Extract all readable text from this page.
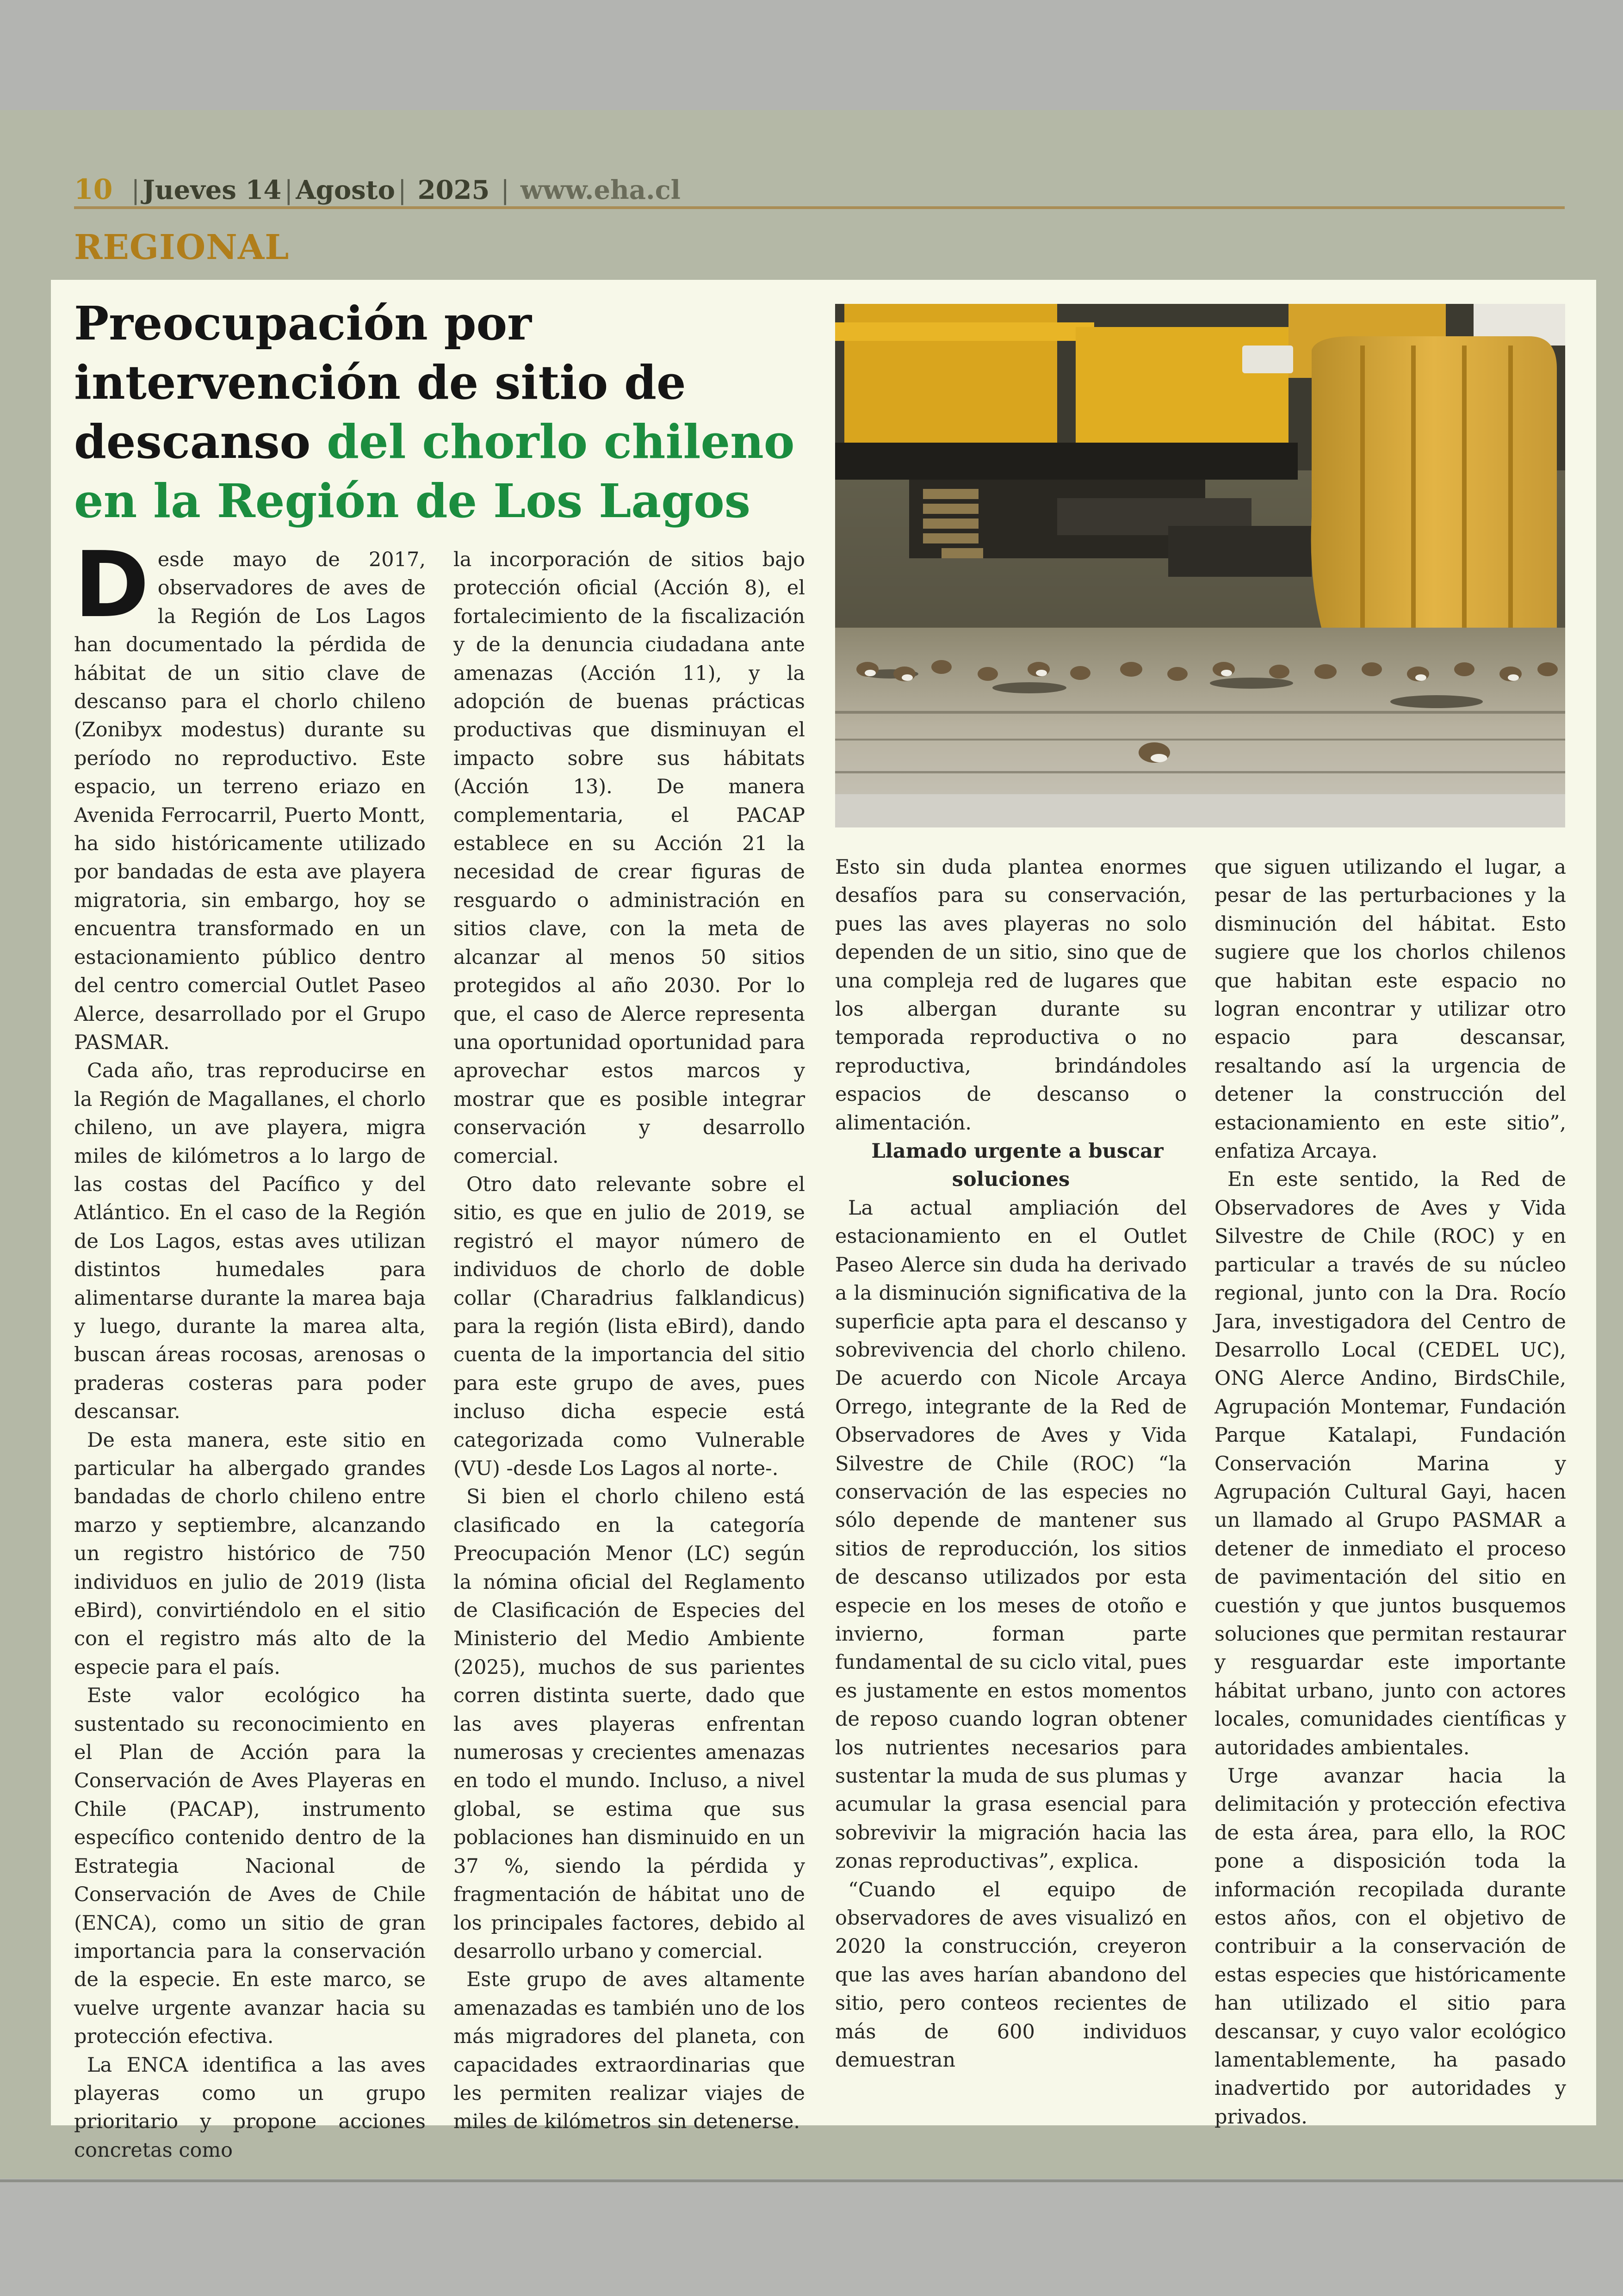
10 | Jueves 14 | Agosto | 2025 | www.eha.cl
REGIONAL
Preocupación por intervención de sitio de descanso del chorlo chileno en la Región de Los Lagos

Desde mayo de 2017, observadores de aves de la Región de Los Lagos han documentado la pérdida de hábitat de un sitio clave de descanso para el chorlo chileno (Zonibyx modestus) durante su período no reproductivo. Este espacio, un terreno eriazo en Avenida Ferrocarril, Puerto Montt, ha sido históricamente utilizado por bandadas de esta ave playera migratoria, sin embargo, hoy se encuentra transformado en un estacionamiento público dentro del centro comercial Outlet Paseo Alerce, desarrollado por el Grupo PASMAR.

Cada año, tras reproducirse en la Región de Magallanes, el chorlo chileno, un ave playera, migra miles de kilómetros a lo largo de las costas del Pacífico y del Atlántico. En el caso de la Región de Los Lagos, estas aves utilizan distintos humedales para alimentarse durante la marea baja y luego, durante la marea alta, buscan áreas rocosas, arenosas o praderas costeras para poder descansar.

De esta manera, este sitio en particular ha albergado grandes bandadas de chorlo chileno entre marzo y septiembre, alcanzando un registro histórico de 750 individuos en julio de 2019 (lista eBird), convirtiéndolo en el sitio con el registro más alto de la especie para el país.

Este valor ecológico ha sustentado su reconocimiento en el Plan de Acción para la Conservación de Aves Playeras en Chile (PACAP), instrumento específico contenido dentro de la Estrategia Nacional de Conservación de Aves de Chile (ENCA), como un sitio de gran importancia para la conservación de la especie. En este marco, se vuelve urgente avanzar hacia su protección efectiva.

La ENCA identifica a las aves playeras como un grupo prioritario y propone acciones concretas como

la incorporación de sitios bajo protección oficial (Acción 8), el fortalecimiento de la fiscalización y de la denuncia ciudadana ante amenazas (Acción 11), y la adopción de buenas prácticas productivas que disminuyan el impacto sobre sus hábitats (Acción 13). De manera complementaria, el PACAP establece en su Acción 21 la necesidad de crear figuras de resguardo o administración en sitios clave, con la meta de alcanzar al menos 50 sitios protegidos al año 2030. Por lo que, el caso de Alerce representa una oportunidad oportunidad para aprovechar estos marcos y mostrar que es posible integrar conservación y desarrollo comercial.

Otro dato relevante sobre el sitio, es que en julio de 2019, se registró el mayor número de individuos de chorlo de doble collar (Charadrius falklandicus) para la región (lista eBird), dando cuenta de la importancia del sitio para este grupo de aves, pues incluso dicha especie está categorizada como Vulnerable (VU) -desde Los Lagos al norte-.

Si bien el chorlo chileno está clasificado en la categoría Preocupación Menor (LC) según la nómina oficial del Reglamento de Clasificación de Especies del Ministerio del Medio Ambiente (2025), muchos de sus parientes corren distinta suerte, dado que las aves playeras enfrentan numerosas y crecientes amenazas en todo el mundo. Incluso, a nivel global, se estima que sus poblaciones han disminuido en un 37 %, siendo la pérdida y fragmentación de hábitat uno de los principales factores, debido al desarrollo urbano y comercial.

Este grupo de aves altamente amenazadas es también uno de los más migradores del planeta, con capacidades extraordinarias que les permiten realizar viajes de miles de kilómetros sin detenerse.

Esto sin duda plantea enormes desafíos para su conservación, pues las aves playeras no solo dependen de un sitio, sino que de una compleja red de lugares que los albergan durante su temporada reproductiva o no reproductiva, brindándoles espacios de descanso o alimentación.

Llamado urgente a buscar soluciones

La actual ampliación del estacionamiento en el Outlet Paseo Alerce sin duda ha derivado a la disminución significativa de la superficie apta para el descanso y sobrevivencia del chorlo chileno. De acuerdo con Nicole Arcaya Orrego, integrante de la Red de Observadores de Aves y Vida Silvestre de Chile (ROC) “la conservación de las especies no sólo depende de mantener sus sitios de reproducción, los sitios de descanso utilizados por esta especie en los meses de otoño e invierno, forman parte fundamental de su ciclo vital, pues es justamente en estos momentos de reposo cuando logran obtener los nutrientes necesarios para sustentar la muda de sus plumas y acumular la grasa esencial para sobrevivir la migración hacia las zonas reproductivas”, explica.

“Cuando el equipo de observadores de aves visualizó en 2020 la construcción, creyeron que las aves harían abandono del sitio, pero conteos recientes de más de 600 individuos demuestran

que siguen utilizando el lugar, a pesar de las perturbaciones y la disminución del hábitat. Esto sugiere que los chorlos chilenos que habitan este espacio no logran encontrar y utilizar otro espacio para descansar, resaltando así la urgencia de detener la construcción del estacionamiento en este sitio”, enfatiza Arcaya.

En este sentido, la Red de Observadores de Aves y Vida Silvestre de Chile (ROC) y en particular a través de su núcleo regional, junto con la Dra. Rocío Jara, investigadora del Centro de Desarrollo Local (CEDEL UC), ONG Alerce Andino, BirdsChile, Agrupación Montemar, Fundación Parque Katalapi, Fundación Conservación Marina y Agrupación Cultural Gayi, hacen un llamado al Grupo PASMAR a detener de inmediato el proceso de pavimentación del sitio en cuestión y que juntos busquemos soluciones que permitan restaurar y resguardar este importante hábitat urbano, junto con actores locales, comunidades científicas y autoridades ambientales.

Urge avanzar hacia la delimitación y protección efectiva de esta área, para ello, la ROC pone a disposición toda la información recopilada durante estos años, con el objetivo de contribuir a la conservación de estas especies que históricamente han utilizado el sitio para descansar, y cuyo valor ecológico lamentablemente, ha pasado inadvertido por autoridades y privados.
